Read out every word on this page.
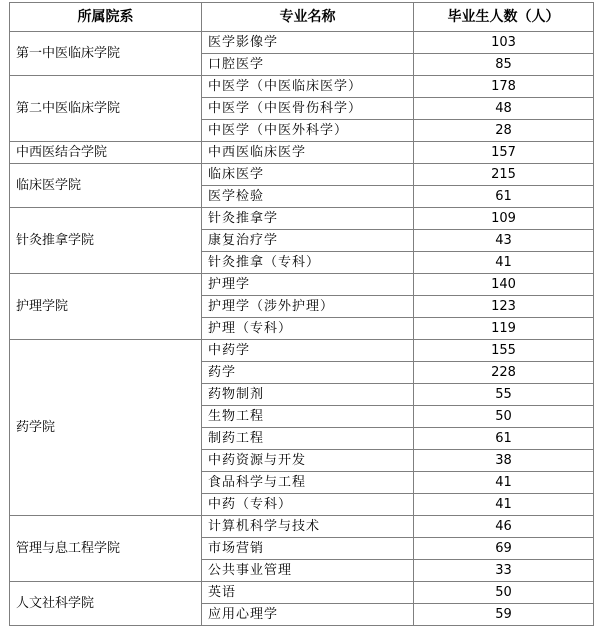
所属院系	专业名称	毕业生人数（人）
第一中医临床学院	医学影像学	103
	口腔医学	85
第二中医临床学院	中医学（中医临床医学）	178
	中医学（中医骨伤科学）	48
	中医学（中医外科学）	28
中西医结合学院	中西医临床医学	157
临床医学院	临床医学	215
	医学检验	61
针灸推拿学院	针灸推拿学	109
	康复治疗学	43
	针灸推拿（专科）	41
护理学院	护理学	140
	护理学（涉外护理）	123
	护理（专科）	119
药学院	中药学	155
	药学	228
	药物制剂	55
	生物工程	50
	制药工程	61
	中药资源与开发	38
	食品科学与工程	41
	中药（专科）	41
管理与息工程学院	计算机科学与技术	46
	市场营销	69
	公共事业管理	33
人文社科学院	英语	50
	应用心理学	59
